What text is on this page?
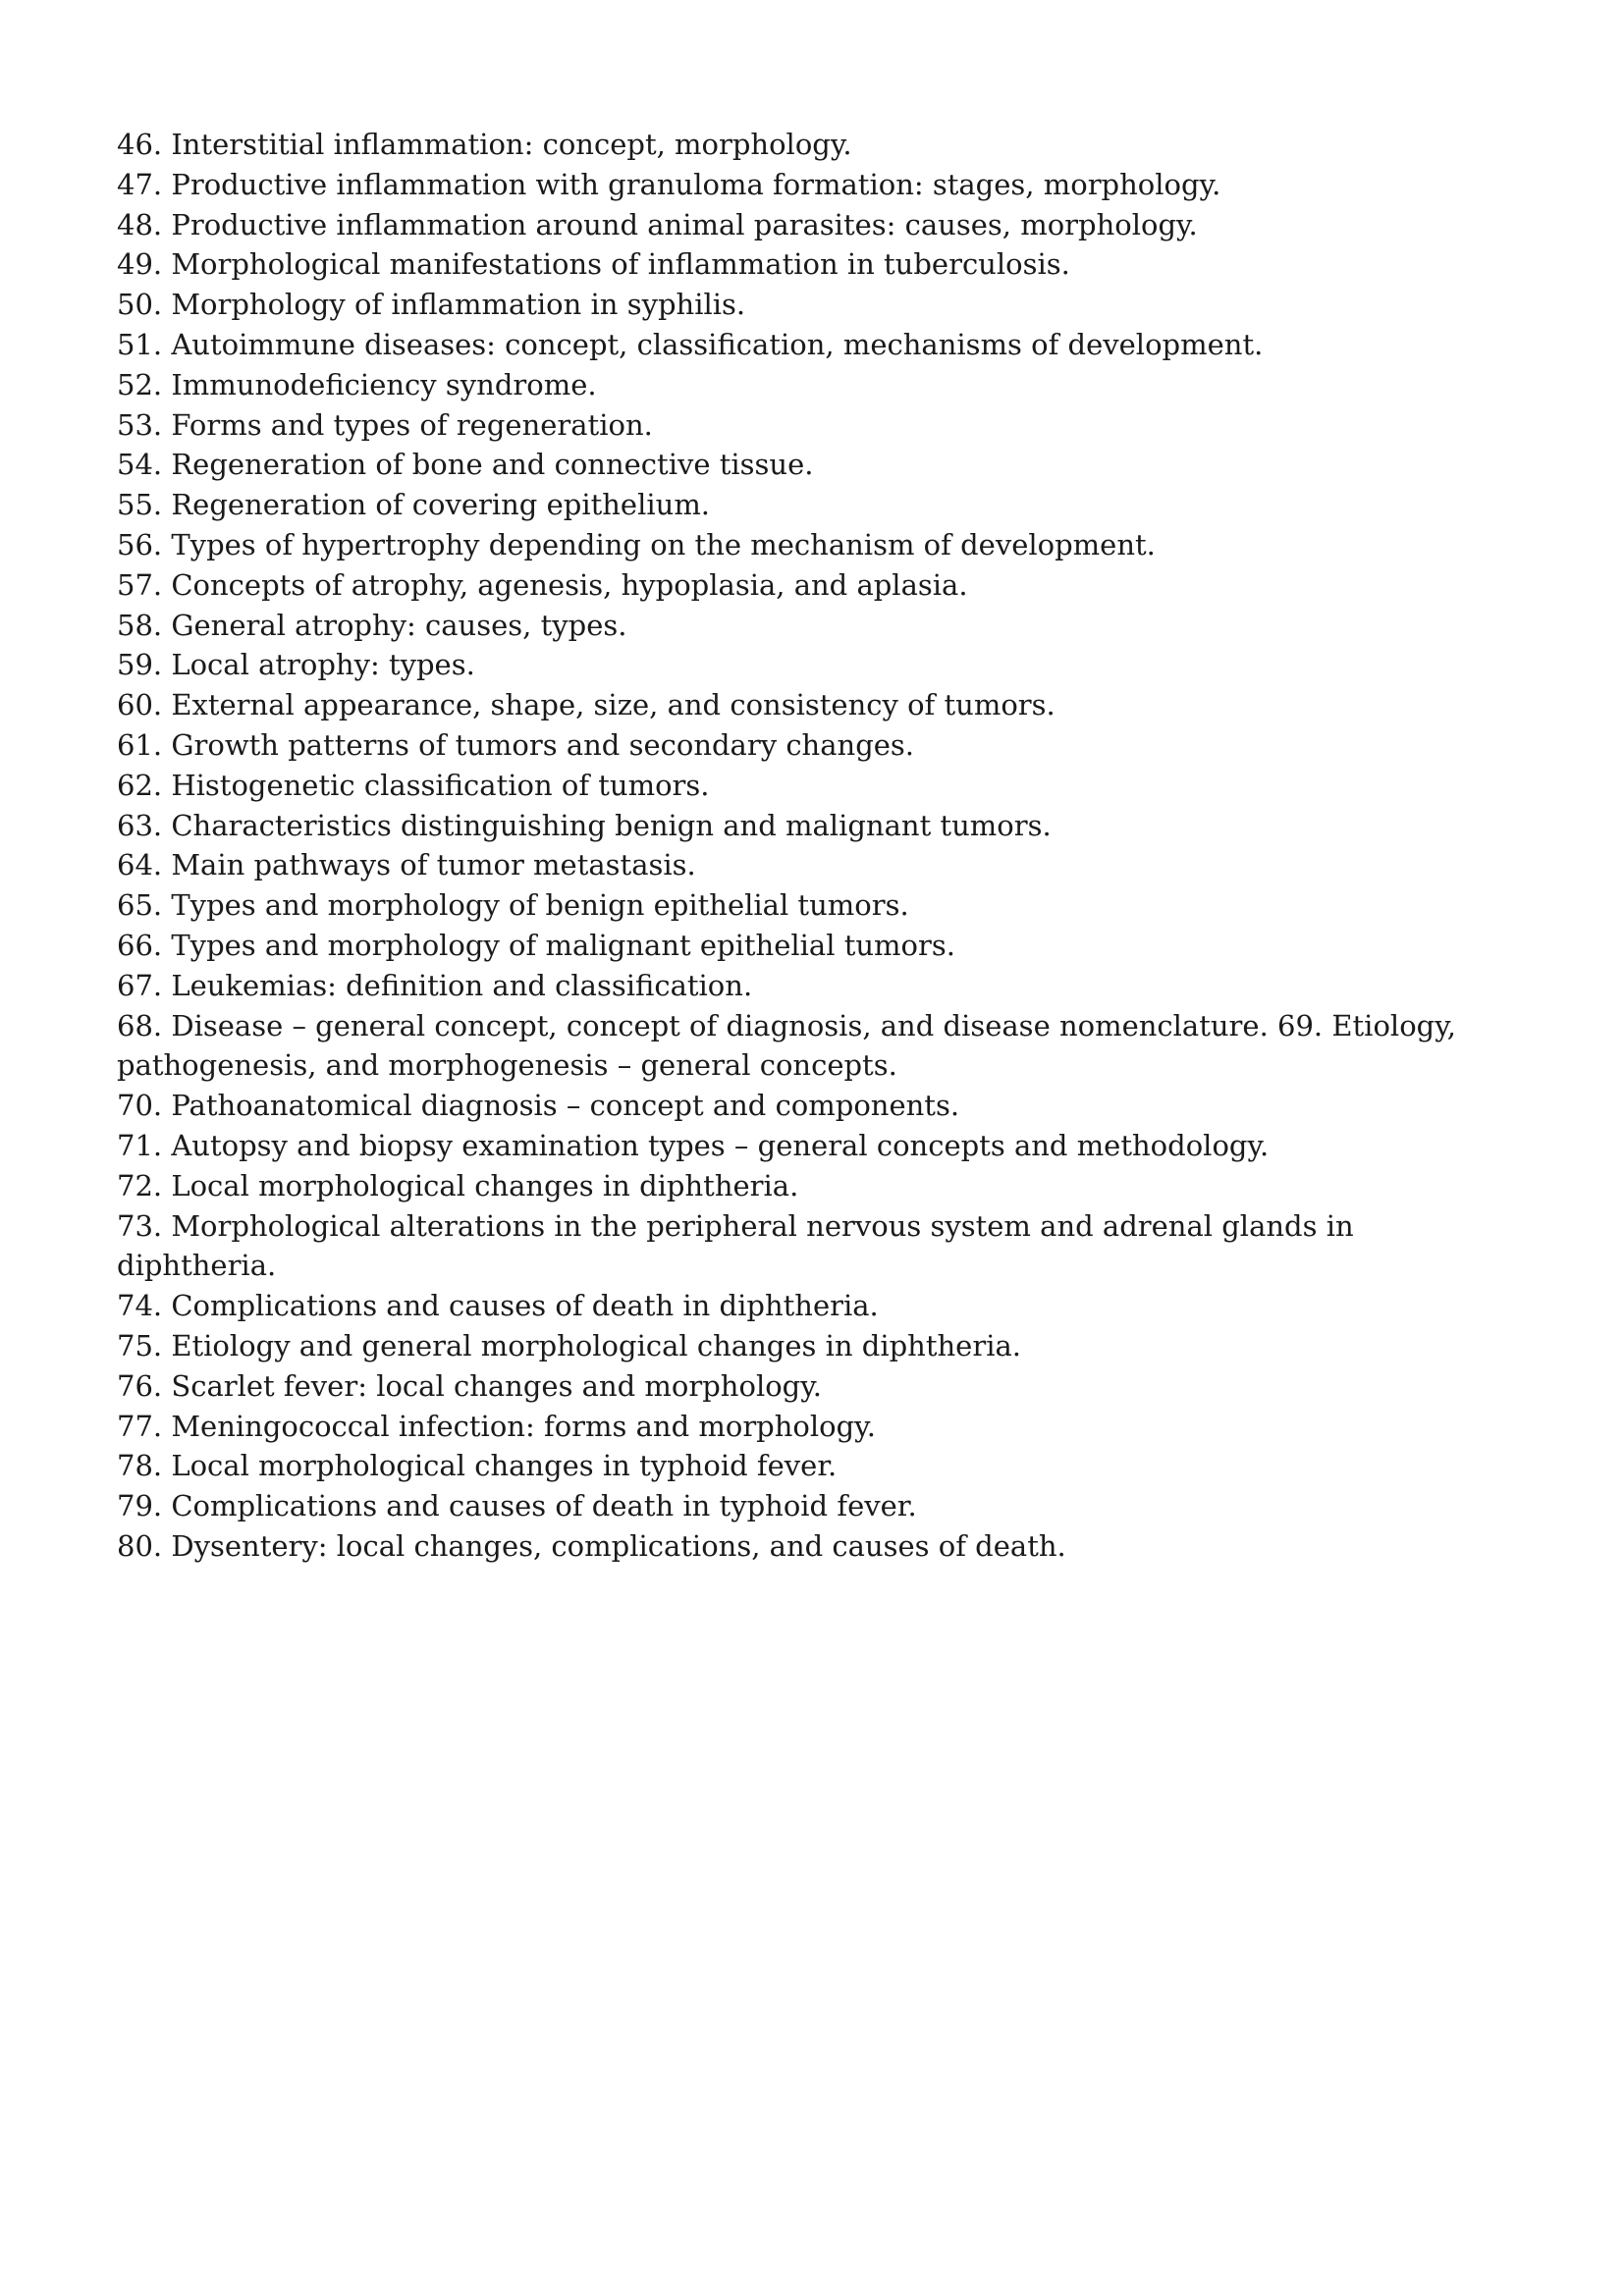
46. Interstitial inflammation: concept, morphology.
47. Productive inflammation with granuloma formation: stages, morphology.
48. Productive inflammation around animal parasites: causes, morphology.
49. Morphological manifestations of inflammation in tuberculosis.
50. Morphology of inflammation in syphilis.
51. Autoimmune diseases: concept, classification, mechanisms of development.
52. Immunodeficiency syndrome.
53. Forms and types of regeneration.
54. Regeneration of bone and connective tissue.
55. Regeneration of covering epithelium.
56. Types of hypertrophy depending on the mechanism of development.
57. Concepts of atrophy, agenesis, hypoplasia, and aplasia.
58. General atrophy: causes, types.
59. Local atrophy: types.
60. External appearance, shape, size, and consistency of tumors.
61. Growth patterns of tumors and secondary changes.
62. Histogenetic classification of tumors.
63. Characteristics distinguishing benign and malignant tumors.
64. Main pathways of tumor metastasis.
65. Types and morphology of benign epithelial tumors.
66. Types and morphology of malignant epithelial tumors.
67. Leukemias: definition and classification.
68. Disease – general concept, concept of diagnosis, and disease nomenclature. 69. Etiology, pathogenesis, and morphogenesis – general concepts.
70. Pathoanatomical diagnosis – concept and components.
71. Autopsy and biopsy examination types – general concepts and methodology.
72. Local morphological changes in diphtheria.
73. Morphological alterations in the peripheral nervous system and adrenal glands in diphtheria.
74. Complications and causes of death in diphtheria.
75. Etiology and general morphological changes in diphtheria.
76. Scarlet fever: local changes and morphology.
77. Meningococcal infection: forms and morphology.
78. Local morphological changes in typhoid fever.
79. Complications and causes of death in typhoid fever.
80. Dysentery: local changes, complications, and causes of death.
